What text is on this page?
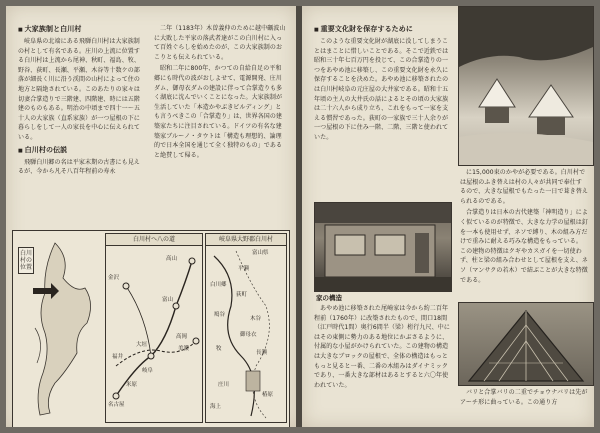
■ 大家族制と白川村

岐阜県の北端にある飛騨白川村は大家族制の村として有名である。庄川の上流に位置する白川村は上流から尾神、秋町、福島、牧、野谷、荻町、長瀬、平瀬、木谷等十数ケの部落が細長く川に沿う渓間の山村によって住の地方と隔絶されている。このあたりの家々は切妻合掌造りで三階建、四階建、時には五階建のものもある。明治の中頃まで四十一～五十人の大家族（直系家族）が一つ屋根の下に暮らしをして一人の家長を中心に伝えられている。

■ 白川村の伝説

飛騨白川郷の名は平家末期の古書にも見えるが、今から凡そ八百年程前の寿永

二年（1183年）木曽義仲のために越中礪波山に大敗した平家の落武者達がこの白川村に入って百姓ぐらしを始めたのが、この大家族制のおこりとも伝えられている。

昭和二年に800年、かつての自給自足の平和郷にも時代の波がおしよせて、電源開発、庄川ダム、御母衣ダムの建設に伴って合掌造りも多く湖底に沈んでいくことになった。大家族制が生活していた「本造かやぶきビルディング」とも言うべきこの「合掌造り」は、世界各国の建築家たちに注目されている。ドイツの有名な建築家ブルーノ・タウトは「構造も理想的、論理的で日本全国を通じて全く独特のもの」であると絶賛して帰る。

白川村の位置
白川村へ八の道
高山
富山
金沢
名古屋
岐阜
美濃
大垣
米原
福井
高岡
岐阜県大野郡白川村
平瀬
荻町
鳩谷
御母衣
牧
長瀬
白川郷
庄川
椿原
海上
木谷
富山県

■ 重要文化財を保存するために

このような重要文化財が湖底に没してしまうことはまことに惜しいことである。そこで近鉄では昭和三十年七百万円を投じて、この合掌造りの一つをあやめ池に移築し、この重要文化財を永久に保存することを決めた。あやめ池に移築されたのは白川村岐阜の元庄屋の大井家である。昭和十五年頃の主人の大井氏の話によるとその頃の大家族は二十六人から成り立ち、これをもって一家を支える慣習であった。荻町の一家族で三十人余りが一つ屋根の下に住み一階、二階、三階と使われていた。

家の構造

あやめ池に移築された尾崎家は今から約二百年程前（1760年）に改築されたもので、間口18間（江戸時代1間）奥行6間半（梁）桁行九尺、中にはその東側に勢力のある地位にかぶさるように、付属的な小屋がかけられていた。この建物の構造は大きなブロックの屋根で、全体の構造はもっともっと見ると一番、二番の木組みはダイナミックであり、一番大きな部材はあるとすると六〇年使われていた。

に15,000束のかやが必要である。白川村では屋根のふき替えは村の人々が共同で奉仕するので、大きな屋根でもたった一日で葺き替えられるのである。

合掌造りは日本の古代建築「神明造り」によく似ているのが特徴で、大きな力学の屋根は釘を一本も使用せず、ネソで縛り、木の組み方だけで重みに耐える巧みな構造をもっている。この建物の特徴はクギやカスガイを一切使わず、柱と梁の組み合わせとして屋根を支え、ネソ（マンサクの若木）で結ぶことが大きな特徴である。

バリと合掌バリの二重でチョウナバリは先がアーチ形に曲っている。この通り方
